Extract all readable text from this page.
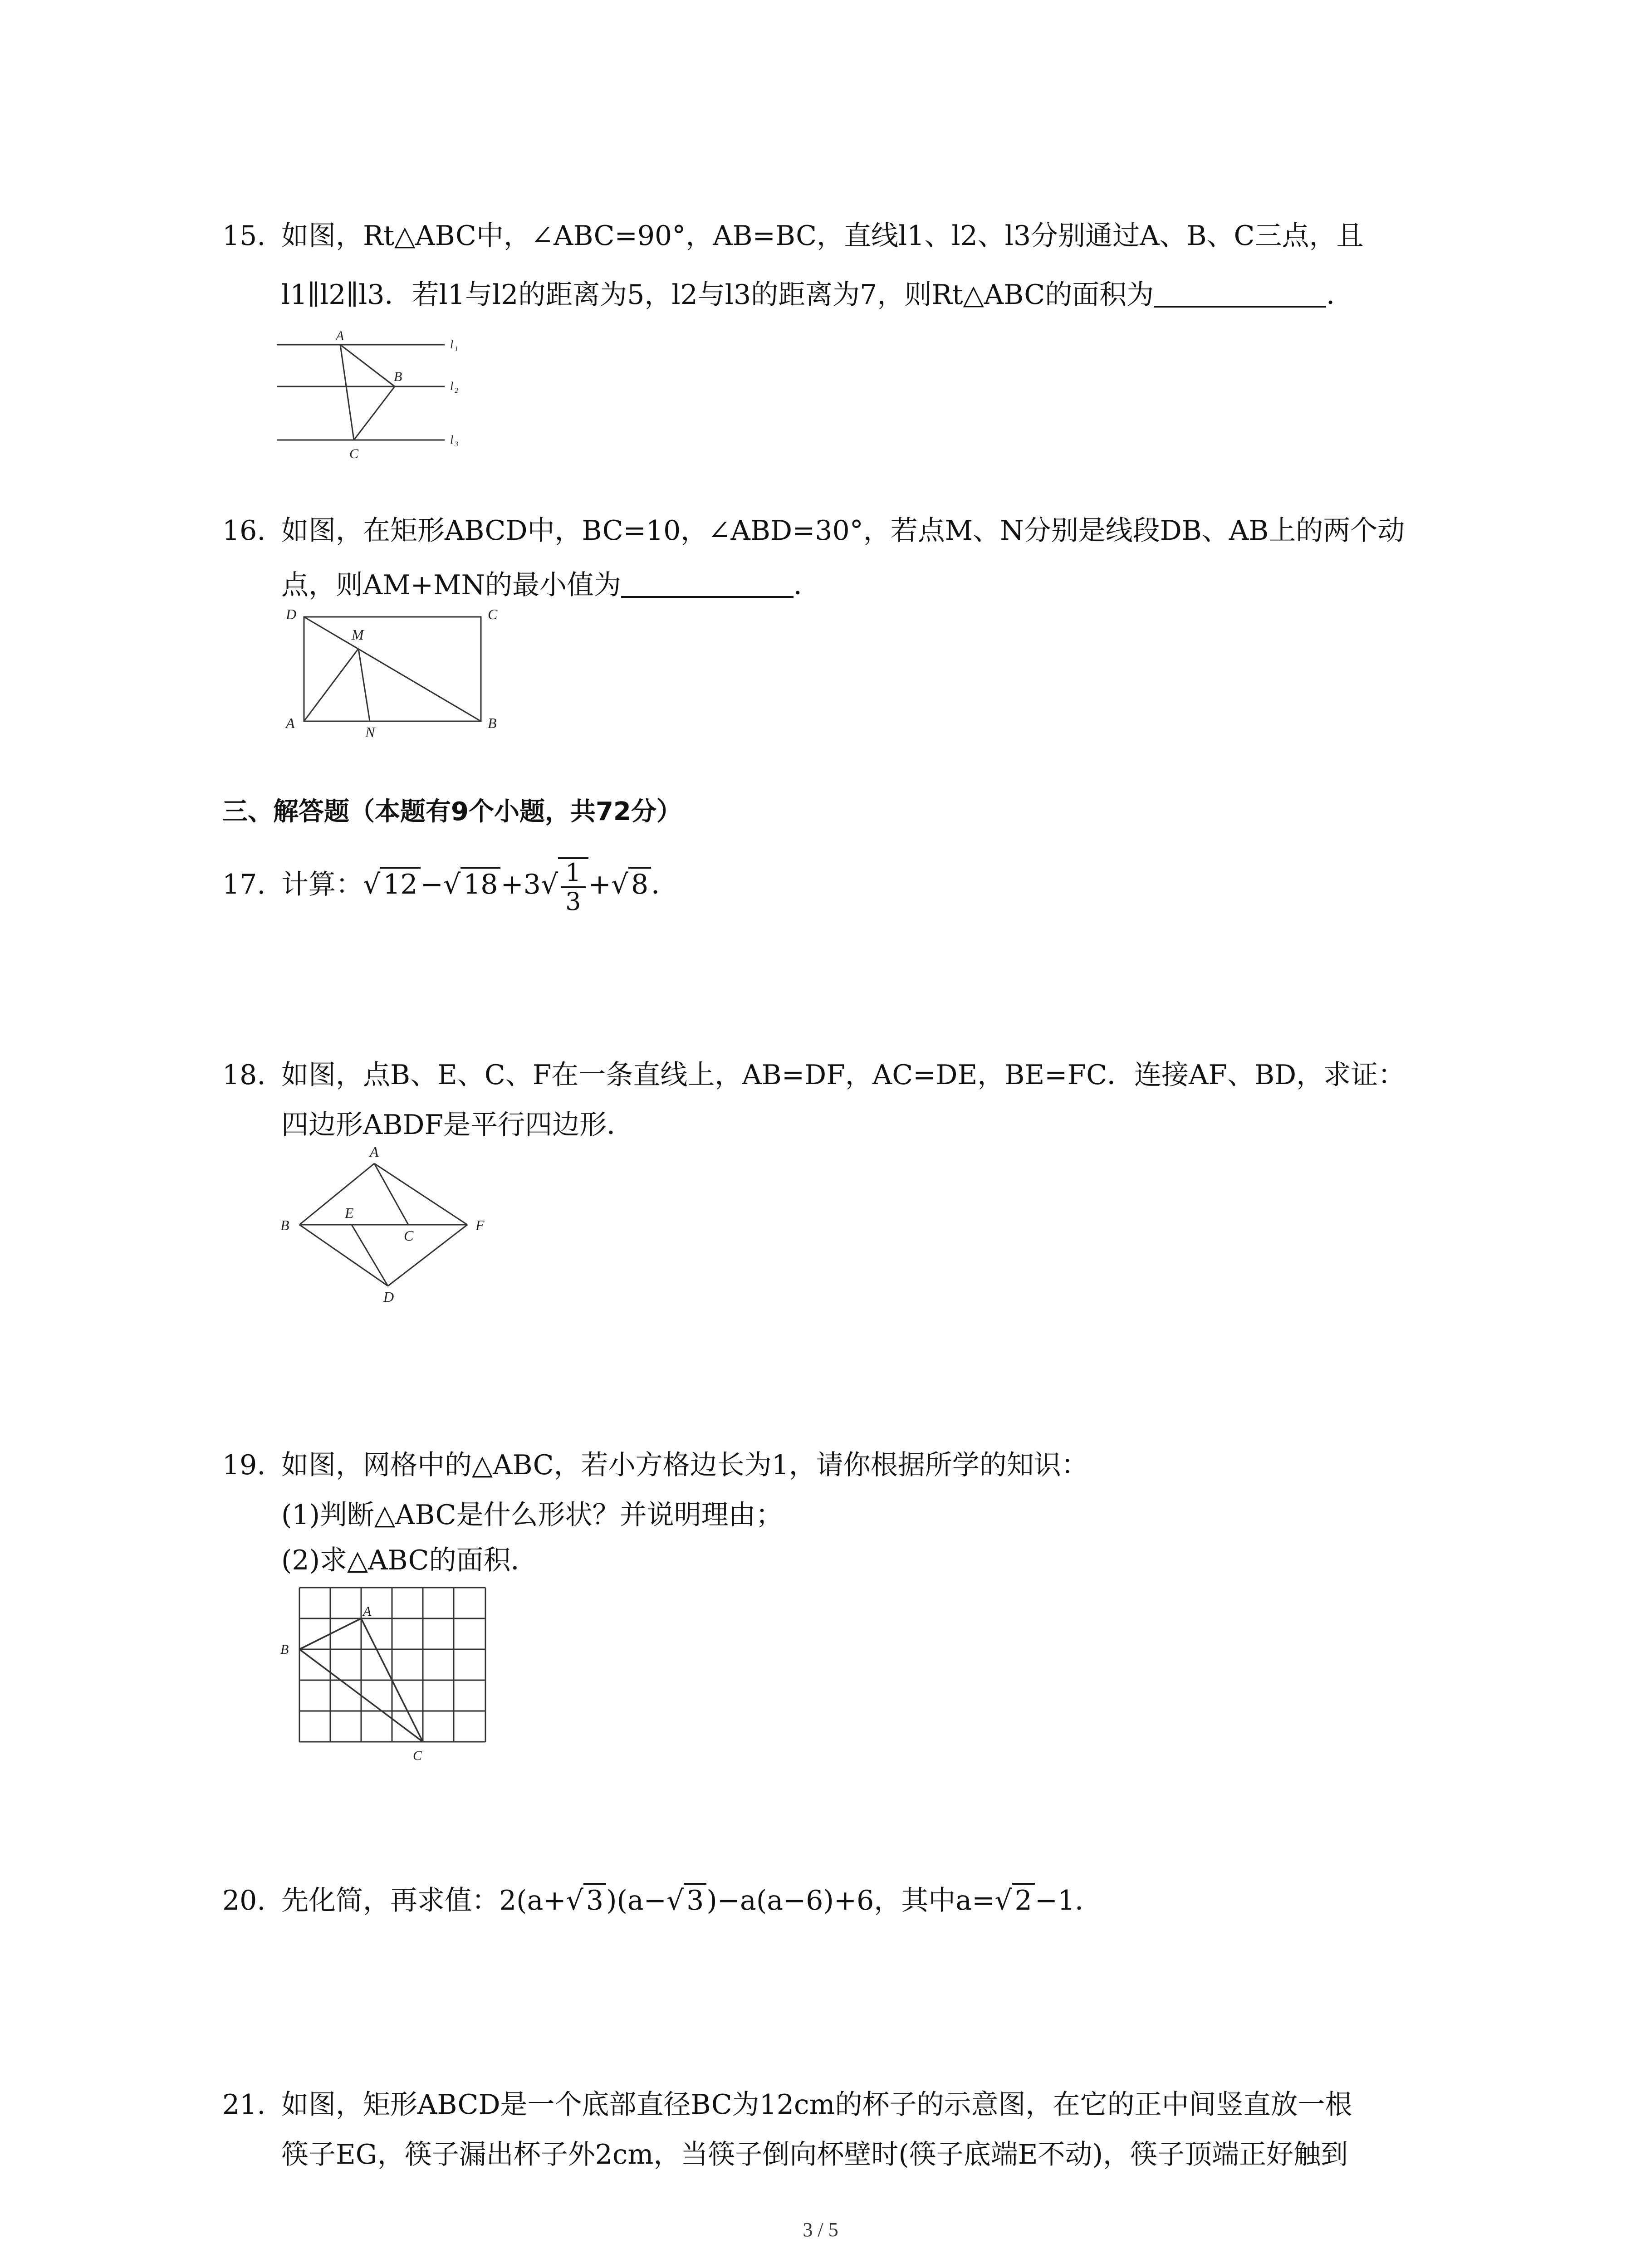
15. 如图，Rt△ABC中，∠ABC=90°，AB=BC，直线l1、l2、l3分别通过A、B、C三点，且
l1∥l2∥l3．若l1与l2的距离为5，l2与l3的距离为7，则Rt△ABC的面积为	．
A
B
C
l 1
l 2
l 3
16. 如图，在矩形ABCD中，BC=10，∠ABD=30°，若点M、N分别是线段DB、AB上的两个动
点，则AM+MN的最小值为	．
D	C
A	B
M
N
三、解答题（本题有9个小题，共72分）
17. 计算：√ 12 −√ $18 +3√ \frac{1}{3}$ +√ 8 ．
18. 如图，点B、E、C、F在一条直线上，AB=DF，AC=DE，BE=FC．连接AF、BD，求证：
四边形ABDF是平行四边形．
A
B
E
C
F
D
19. 如图，网格中的△ABC，若小方格边长为1，请你根据所学的知识：
(1)判断△ABC是什么形状？并说明理由；
(2)求△ABC的面积．
A
B
C
20. 先化简，再求值：2(a+√ 3 )(a−√ 3 )−a(a−6)+6，其中a=√ 2 −1．
21. 如图，矩形ABCD是一个底部直径BC为12cm的杯子的示意图，在它的正中间竖直放一根
筷子EG，筷子漏出杯子外2cm，当筷子倒向杯壁时(筷子底端E不动)，筷子顶端正好触到
3 / 5
